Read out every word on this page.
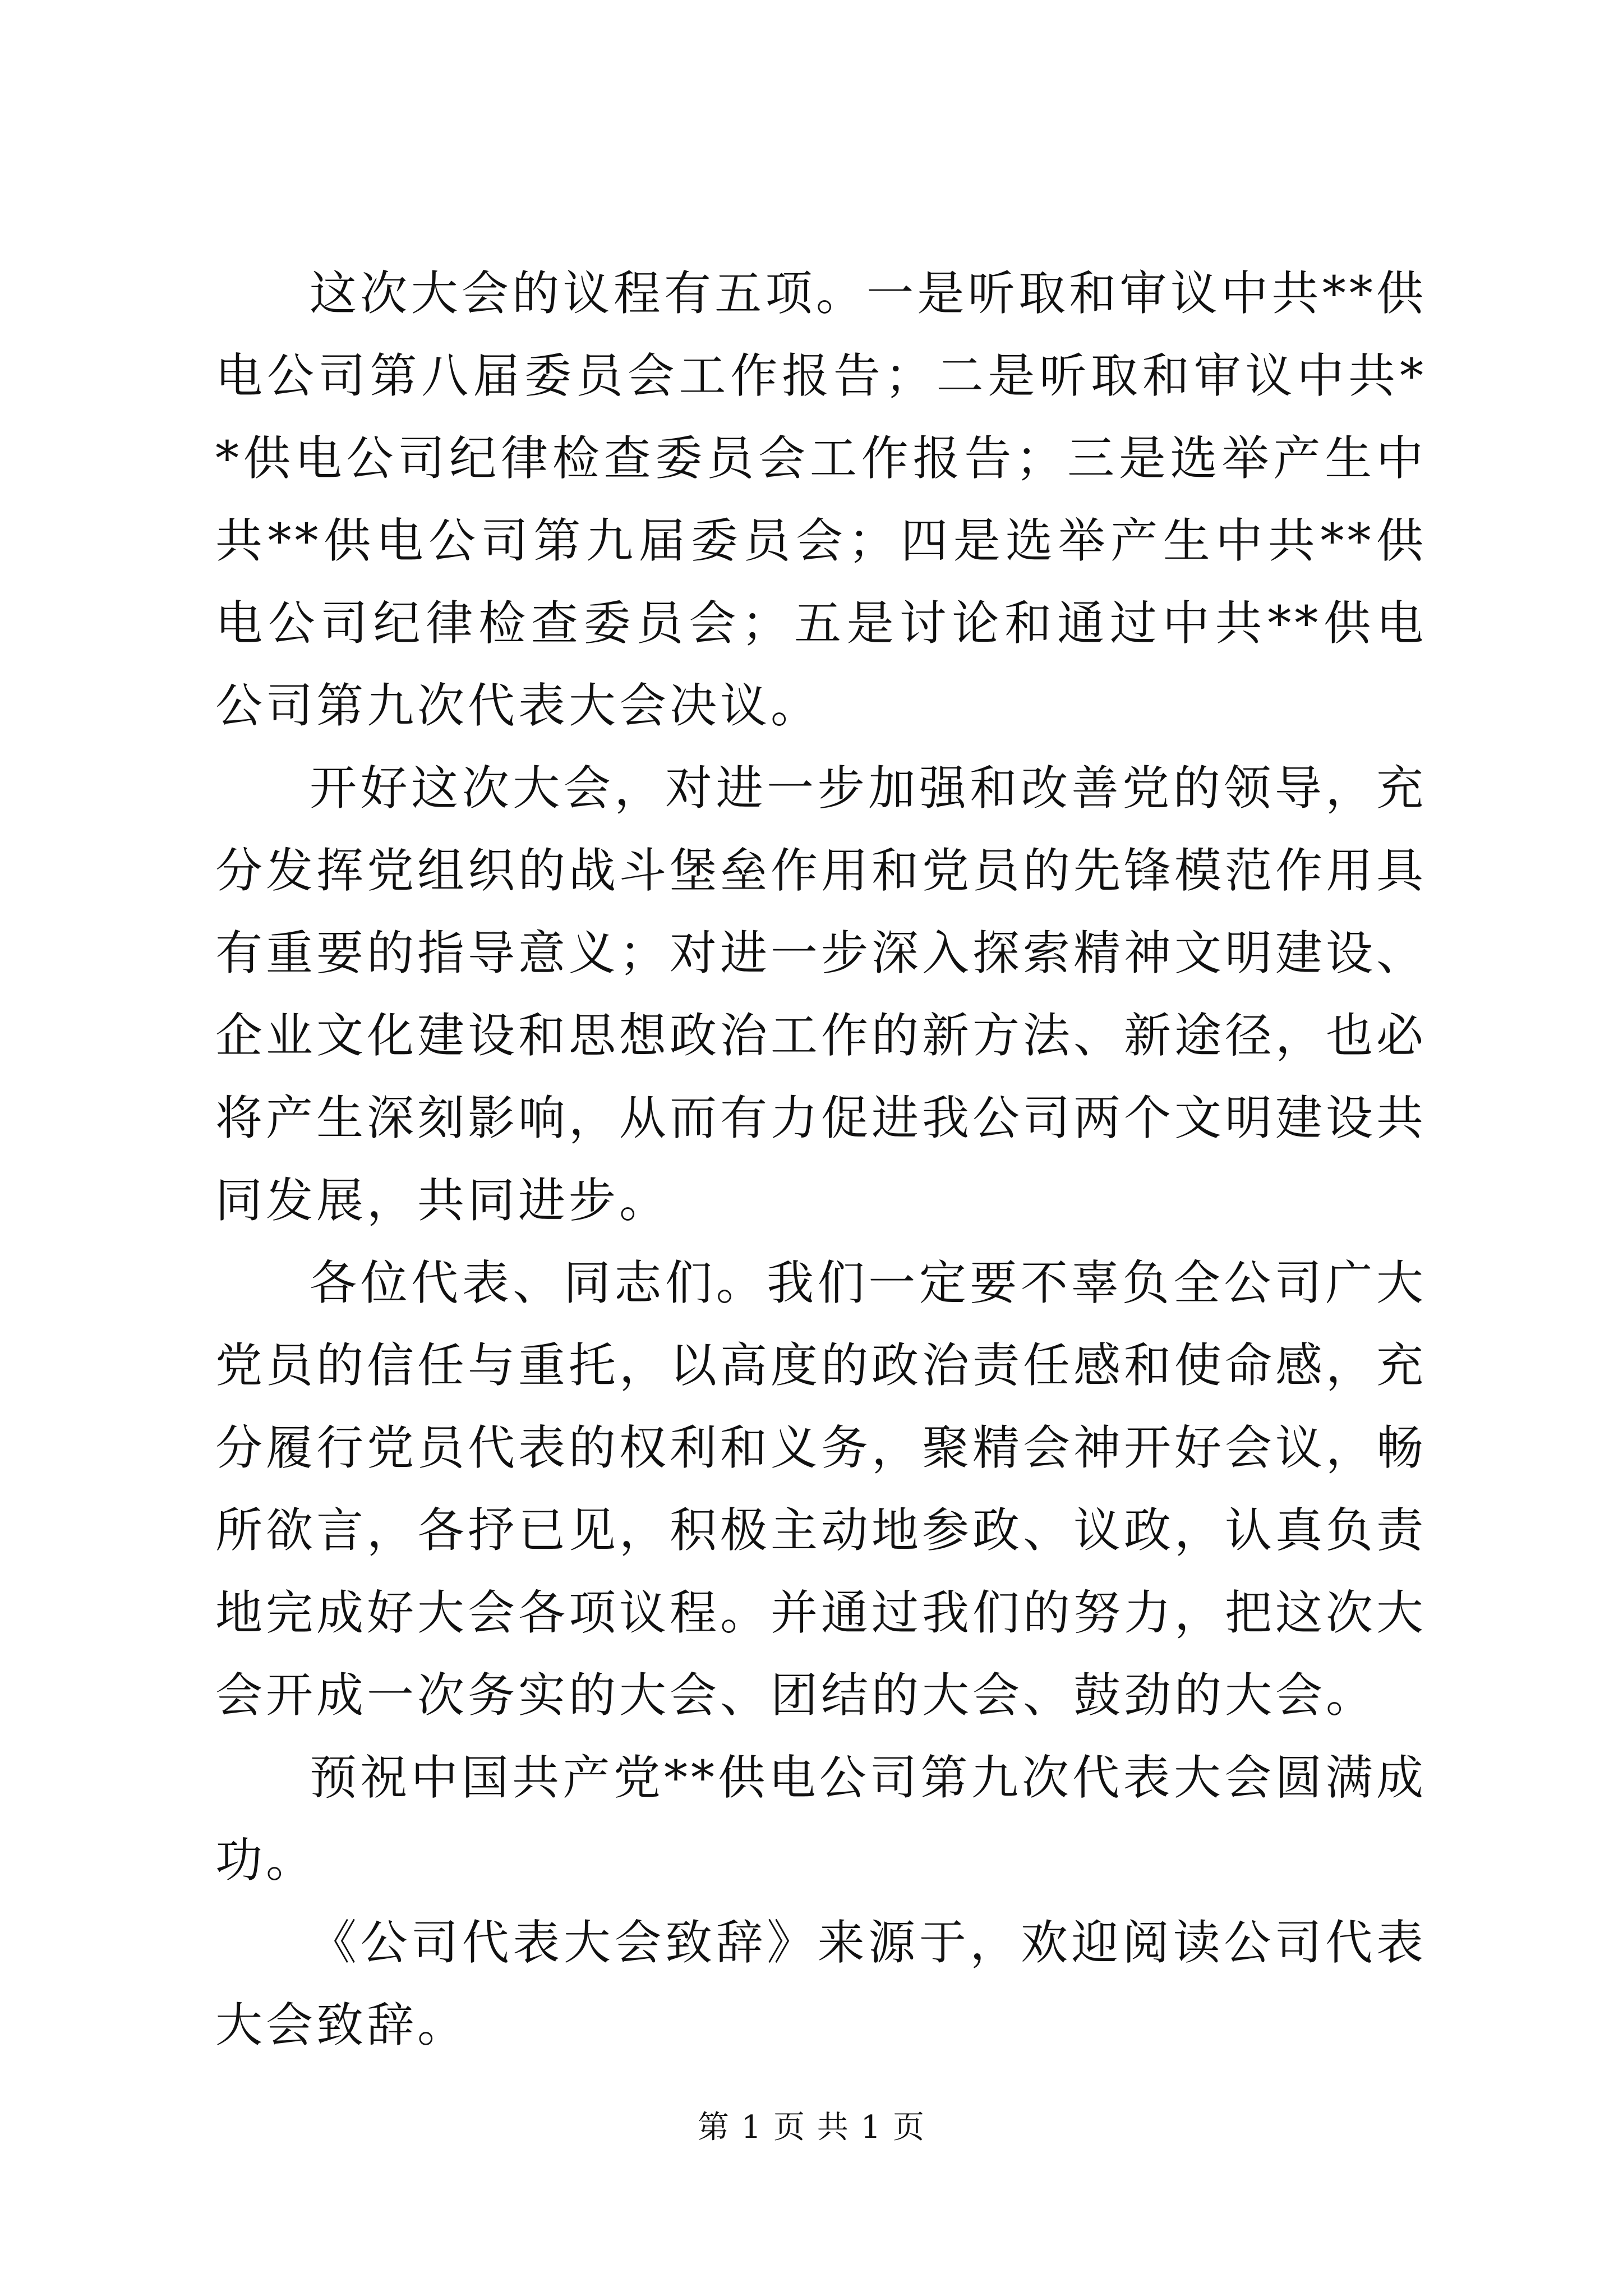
这次大会的议程有五项。一是听取和审议中共**供电公司第八届委员会工作报告；二是听取和审议中共**供电公司纪律检查委员会工作报告；三是选举产生中共**供电公司第九届委员会；四是选举产生中共**供电公司纪律检查委员会；五是讨论和通过中共**供电公司第九次代表大会决议。

开好这次大会，对进一步加强和改善党的领导，充分发挥党组织的战斗堡垒作用和党员的先锋模范作用具有重要的指导意义；对进一步深入探索精神文明建设、企业文化建设和思想政治工作的新方法、新途径，也必将产生深刻影响，从而有力促进我公司两个文明建设共同发展，共同进步。

各位代表、同志们。我们一定要不辜负全公司广大党员的信任与重托，以高度的政治责任感和使命感，充分履行党员代表的权利和义务，聚精会神开好会议，畅所欲言，各抒已见，积极主动地参政、议政，认真负责地完成好大会各项议程。并通过我们的努力，把这次大会开成一次务实的大会、团结的大会、鼓劲的大会。

预祝中国共产党**供电公司第九次代表大会圆满成功。

《公司代表大会致辞》来源于，欢迎阅读公司代表大会致辞。

第 1 页 共 1 页
